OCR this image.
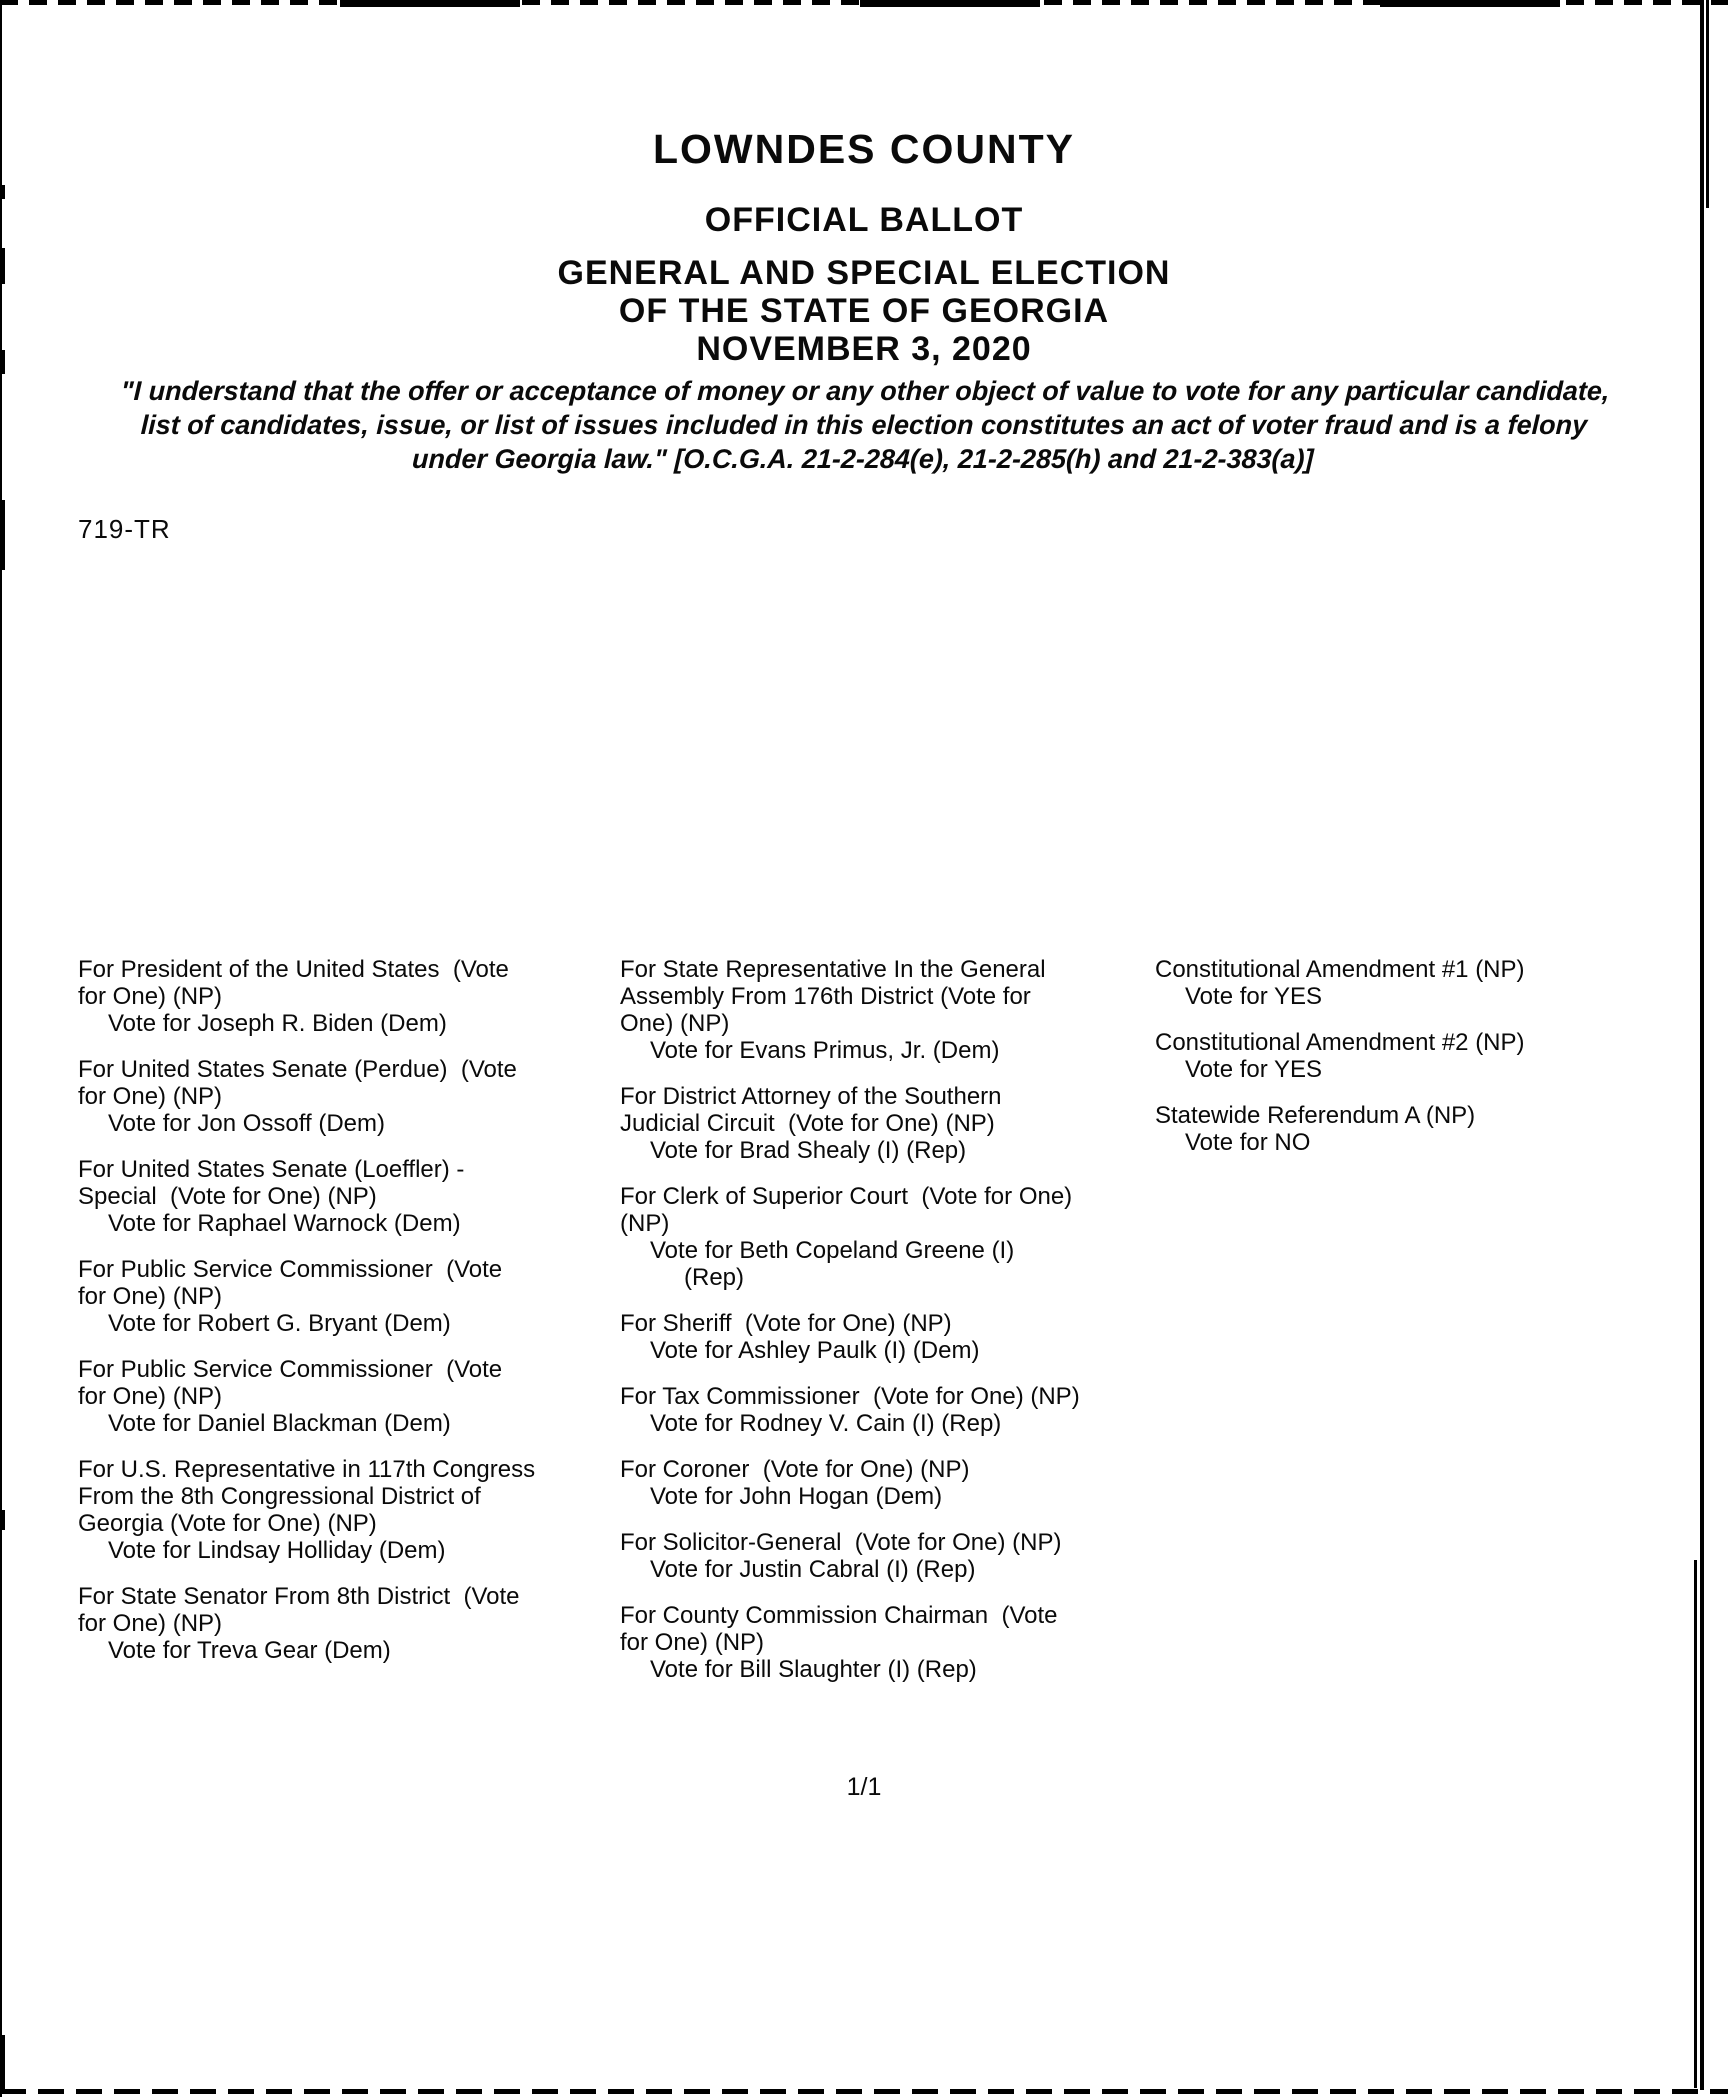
LOWNDES COUNTY
OFFICIAL BALLOT
GENERAL AND SPECIAL ELECTION
OF THE STATE OF GEORGIA
NOVEMBER 3, 2020
"I understand that the offer or acceptance of money or any other object of value to vote for any particular candidate,
list of candidates, issue, or list of issues included in this election constitutes an act of voter fraud and is a felony
under Georgia law." [O.C.G.A. 21-2-284(e), 21-2-285(h) and 21-2-383(a)]
719-TR
For President of the United States  (Vote
for One) (NP)
Vote for Joseph R. Biden (Dem)
For United States Senate (Perdue)  (Vote
for One) (NP)
Vote for Jon Ossoff (Dem)
For United States Senate (Loeffler) -
Special  (Vote for One) (NP)
Vote for Raphael Warnock (Dem)
For Public Service Commissioner  (Vote
for One) (NP)
Vote for Robert G. Bryant (Dem)
For Public Service Commissioner  (Vote
for One) (NP)
Vote for Daniel Blackman (Dem)
For U.S. Representative in 117th Congress
From the 8th Congressional District of
Georgia (Vote for One) (NP)
Vote for Lindsay Holliday (Dem)
For State Senator From 8th District  (Vote
for One) (NP)
Vote for Treva Gear (Dem)
For State Representative In the General
Assembly From 176th District (Vote for
One) (NP)
Vote for Evans Primus, Jr. (Dem)
For District Attorney of the Southern
Judicial Circuit  (Vote for One) (NP)
Vote for Brad Shealy (I) (Rep)
For Clerk of Superior Court  (Vote for One)
(NP)
Vote for Beth Copeland Greene (I)
(Rep)
For Sheriff  (Vote for One) (NP)
Vote for Ashley Paulk (I) (Dem)
For Tax Commissioner  (Vote for One) (NP)
Vote for Rodney V. Cain (I) (Rep)
For Coroner  (Vote for One) (NP)
Vote for John Hogan (Dem)
For Solicitor-General  (Vote for One) (NP)
Vote for Justin Cabral (I) (Rep)
For County Commission Chairman  (Vote
for One) (NP)
Vote for Bill Slaughter (I) (Rep)
Constitutional Amendment #1 (NP)
Vote for YES
Constitutional Amendment #2 (NP)
Vote for YES
Statewide Referendum A (NP)
Vote for NO
1/1
